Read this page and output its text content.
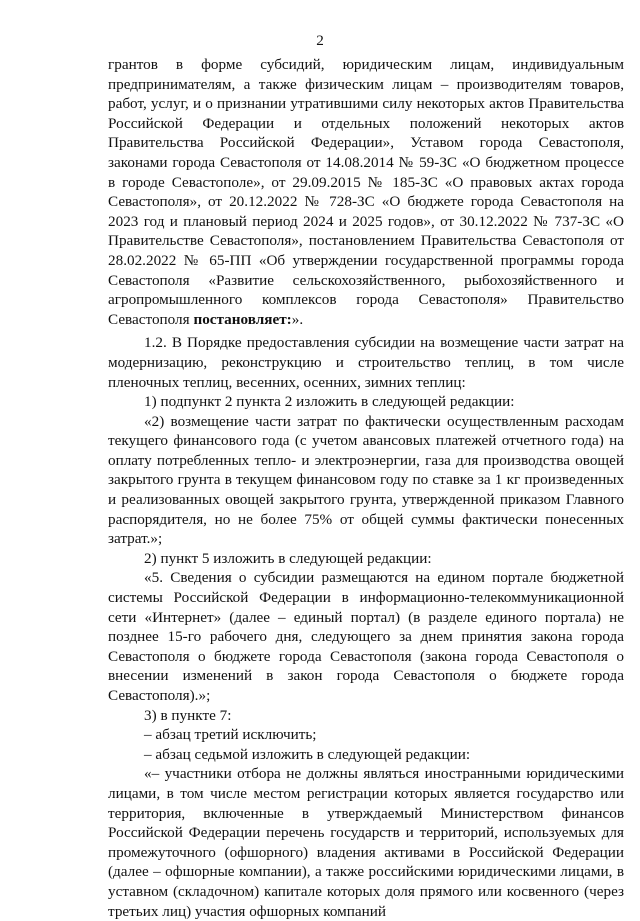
2

грантов в форме субсидий, юридическим лицам, индивидуальным предпринимателям, а также физическим лицам – производителям товаров, работ, услуг, и о признании утратившими силу некоторых актов Правительства Российской Федерации и отдельных положений некоторых актов Правительства Российской Федерации», Уставом города Севастополя, законами города Севастополя от 14.08.2014 № 59-ЗС «О бюджетном процессе в городе Севастополе», от 29.09.2015 № 185-ЗС «О правовых актах города Севастополя», от 20.12.2022 № 728-ЗС «О бюджете города Севастополя на 2023 год и плановый период 2024 и 2025 годов», от 30.12.2022 № 737-ЗС «О Правительстве Севастополя», постановлением Правительства Севастополя от 28.02.2022 № 65-ПП «Об утверждении государственной программы города Севастополя «Развитие сельскохозяйственного, рыбохозяйственного и агропромышленного комплексов города Севастополя» Правительство Севастополя постановляет:».

1.2. В Порядке предоставления субсидии на возмещение части затрат на модернизацию, реконструкцию и строительство теплиц, в том числе пленочных теплиц, весенних, осенних, зимних теплиц:

1) подпункт 2 пункта 2 изложить в следующей редакции:

«2) возмещение части затрат по фактически осуществленным расходам текущего финансового года (с учетом авансовых платежей отчетного года) на оплату потребленных тепло- и электроэнергии, газа для производства овощей закрытого грунта в текущем финансовом году по ставке за 1 кг произведенных и реализованных овощей закрытого грунта, утвержденной приказом Главного распорядителя, но не более 75% от общей суммы фактически понесенных затрат.»;

2) пункт 5 изложить в следующей редакции:

«5. Сведения о субсидии размещаются на едином портале бюджетной системы Российской Федерации в информационно-телекоммуникационной сети «Интернет» (далее – единый портал) (в разделе единого портала) не позднее 15-го рабочего дня, следующего за днем принятия закона города Севастополя о бюджете города Севастополя (закона города Севастополя о внесении изменений в закон города Севастополя о бюджете города Севастополя).»;

3) в пункте 7:

– абзац третий исключить;

– абзац седьмой изложить в следующей редакции:

«– участники отбора не должны являться иностранными юридическими лицами, в том числе местом регистрации которых является государство или территория, включенные в утверждаемый Министерством финансов Российской Федерации перечень государств и территорий, используемых для промежуточного (офшорного) владения активами в Российской Федерации (далее – офшорные компании), а также российскими юридическими лицами, в уставном (складочном) капитале которых доля прямого или косвенного (через третьих лиц) участия офшорных компаний
